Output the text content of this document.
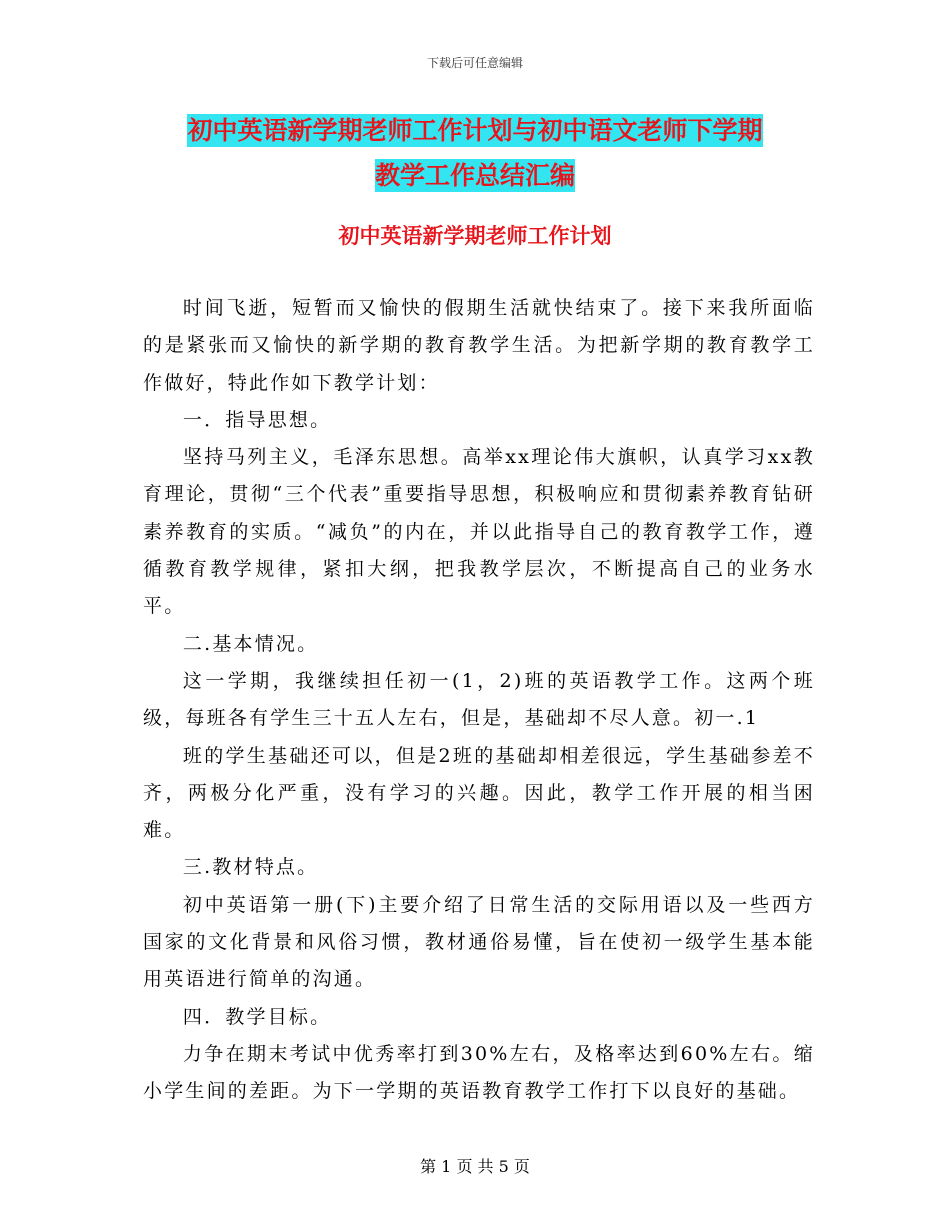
下载后可任意编辑
初中英语新学期老师工作计划与初中语文老师下学期
教学工作总结汇编
初中英语新学期老师工作计划

时间飞逝，短暂而又愉快的假期生活就快结束了。接下来我所面临的是紧张而又愉快的新学期的教育教学生活。为把新学期的教育教学工作做好，特此作如下教学计划：

一．指导思想。

坚持马列主义，毛泽东思想。高举xx理论伟大旗帜，认真学习xx教育理论，贯彻“三个代表”重要指导思想，积极响应和贯彻素养教育钻研素养教育的实质。“减负”的内在，并以此指导自己的教育教学工作，遵循教育教学规律，紧扣大纲，把我教学层次，不断提高自己的业务水平。

二.基本情况。

这一学期，我继续担任初一(1，2)班的英语教学工作。这两个班级，每班各有学生三十五人左右，但是，基础却不尽人意。初一.1

班的学生基础还可以，但是2班的基础却相差很远，学生基础参差不齐，两极分化严重，没有学习的兴趣。因此，教学工作开展的相当困难。

三.教材特点。

初中英语第一册(下)主要介绍了日常生活的交际用语以及一些西方国家的文化背景和风俗习惯，教材通俗易懂，旨在使初一级学生基本能用英语进行简单的沟通。

四．教学目标。

力争在期末考试中优秀率打到30%左右，及格率达到60%左右。缩小学生间的差距。为下一学期的英语教育教学工作打下以良好的基础。

第 1 页 共 5 页
